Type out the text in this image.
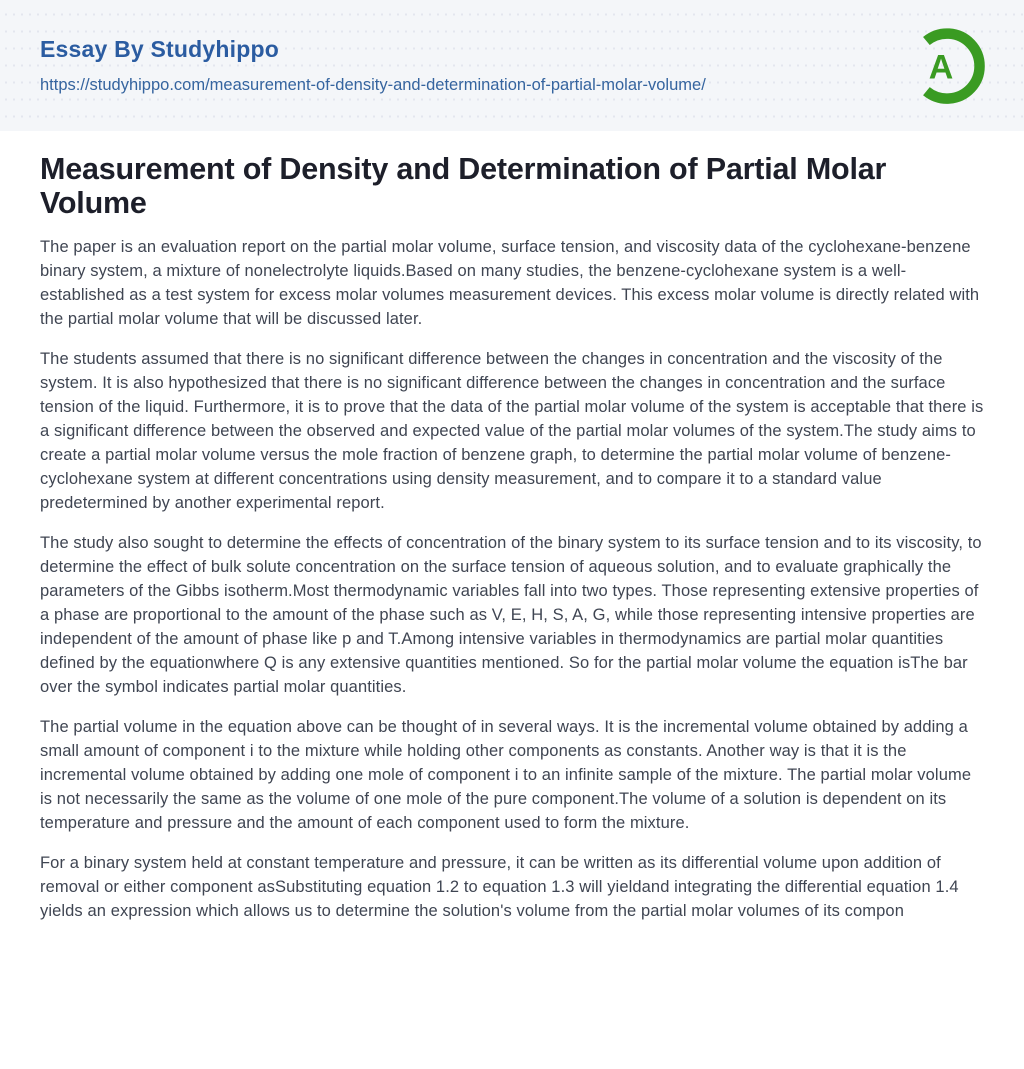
Essay By Studyhippo
https://studyhippo.com/measurement-of-density-and-determination-of-partial-molar-volume/	A
Measurement of Density and Determination of Partial Molar Volume

The paper is an evaluation report on the partial molar volume, surface tension, and viscosity data of the cyclohexane-benzene binary system, a mixture of nonelectrolyte liquids.Based on many studies, the benzene-cyclohexane system is a well-established as a test system for excess molar volumes measurement devices. This excess molar volume is directly related with the partial molar volume that will be discussed later.

The students assumed that there is no significant difference between the changes in concentration and the viscosity of the system. It is also hypothesized that there is no significant difference between the changes in concentration and the surface tension of the liquid. Furthermore, it is to prove that the data of the partial molar volume of the system is acceptable that there is a significant difference between the observed and expected value of the partial molar volumes of the system.The study aims to create a partial molar volume versus the mole fraction of benzene graph, to determine the partial molar volume of benzene-cyclohexane system at different concentrations using density measurement, and to compare it to a standard value predetermined by another experimental report.

The study also sought to determine the effects of concentration of the binary system to its surface tension and to its viscosity, to determine the effect of bulk solute concentration on the surface tension of aqueous solution, and to evaluate graphically the parameters of the Gibbs isotherm.Most thermodynamic variables fall into two types. Those representing extensive properties of a phase are proportional to the amount of the phase such as V, E, H, S, A, G, while those representing intensive properties are independent of the amount of phase like p and T.Among intensive variables in thermodynamics are partial molar quantities defined by the equationwhere Q is any extensive quantities mentioned. So for the partial molar volume the equation isThe bar over the symbol indicates partial molar quantities.

The partial volume in the equation above can be thought of in several ways. It is the incremental volume obtained by adding a small amount of component i to the mixture while holding other components as constants. Another way is that it is the incremental volume obtained by adding one mole of component i to an infinite sample of the mixture. The partial molar volume is not necessarily the same as the volume of one mole of the pure component.The volume of a solution is dependent on its temperature and pressure and the amount of each component used to form the mixture.

For a binary system held at constant temperature and pressure, it can be written as its differential volume upon addition of removal or either component asSubstituting equation 1.2 to equation 1.3 will yieldand integrating the differential equation 1.4 yields an expression which allows us to determine the solution's volume from the partial molar volumes of its compon
